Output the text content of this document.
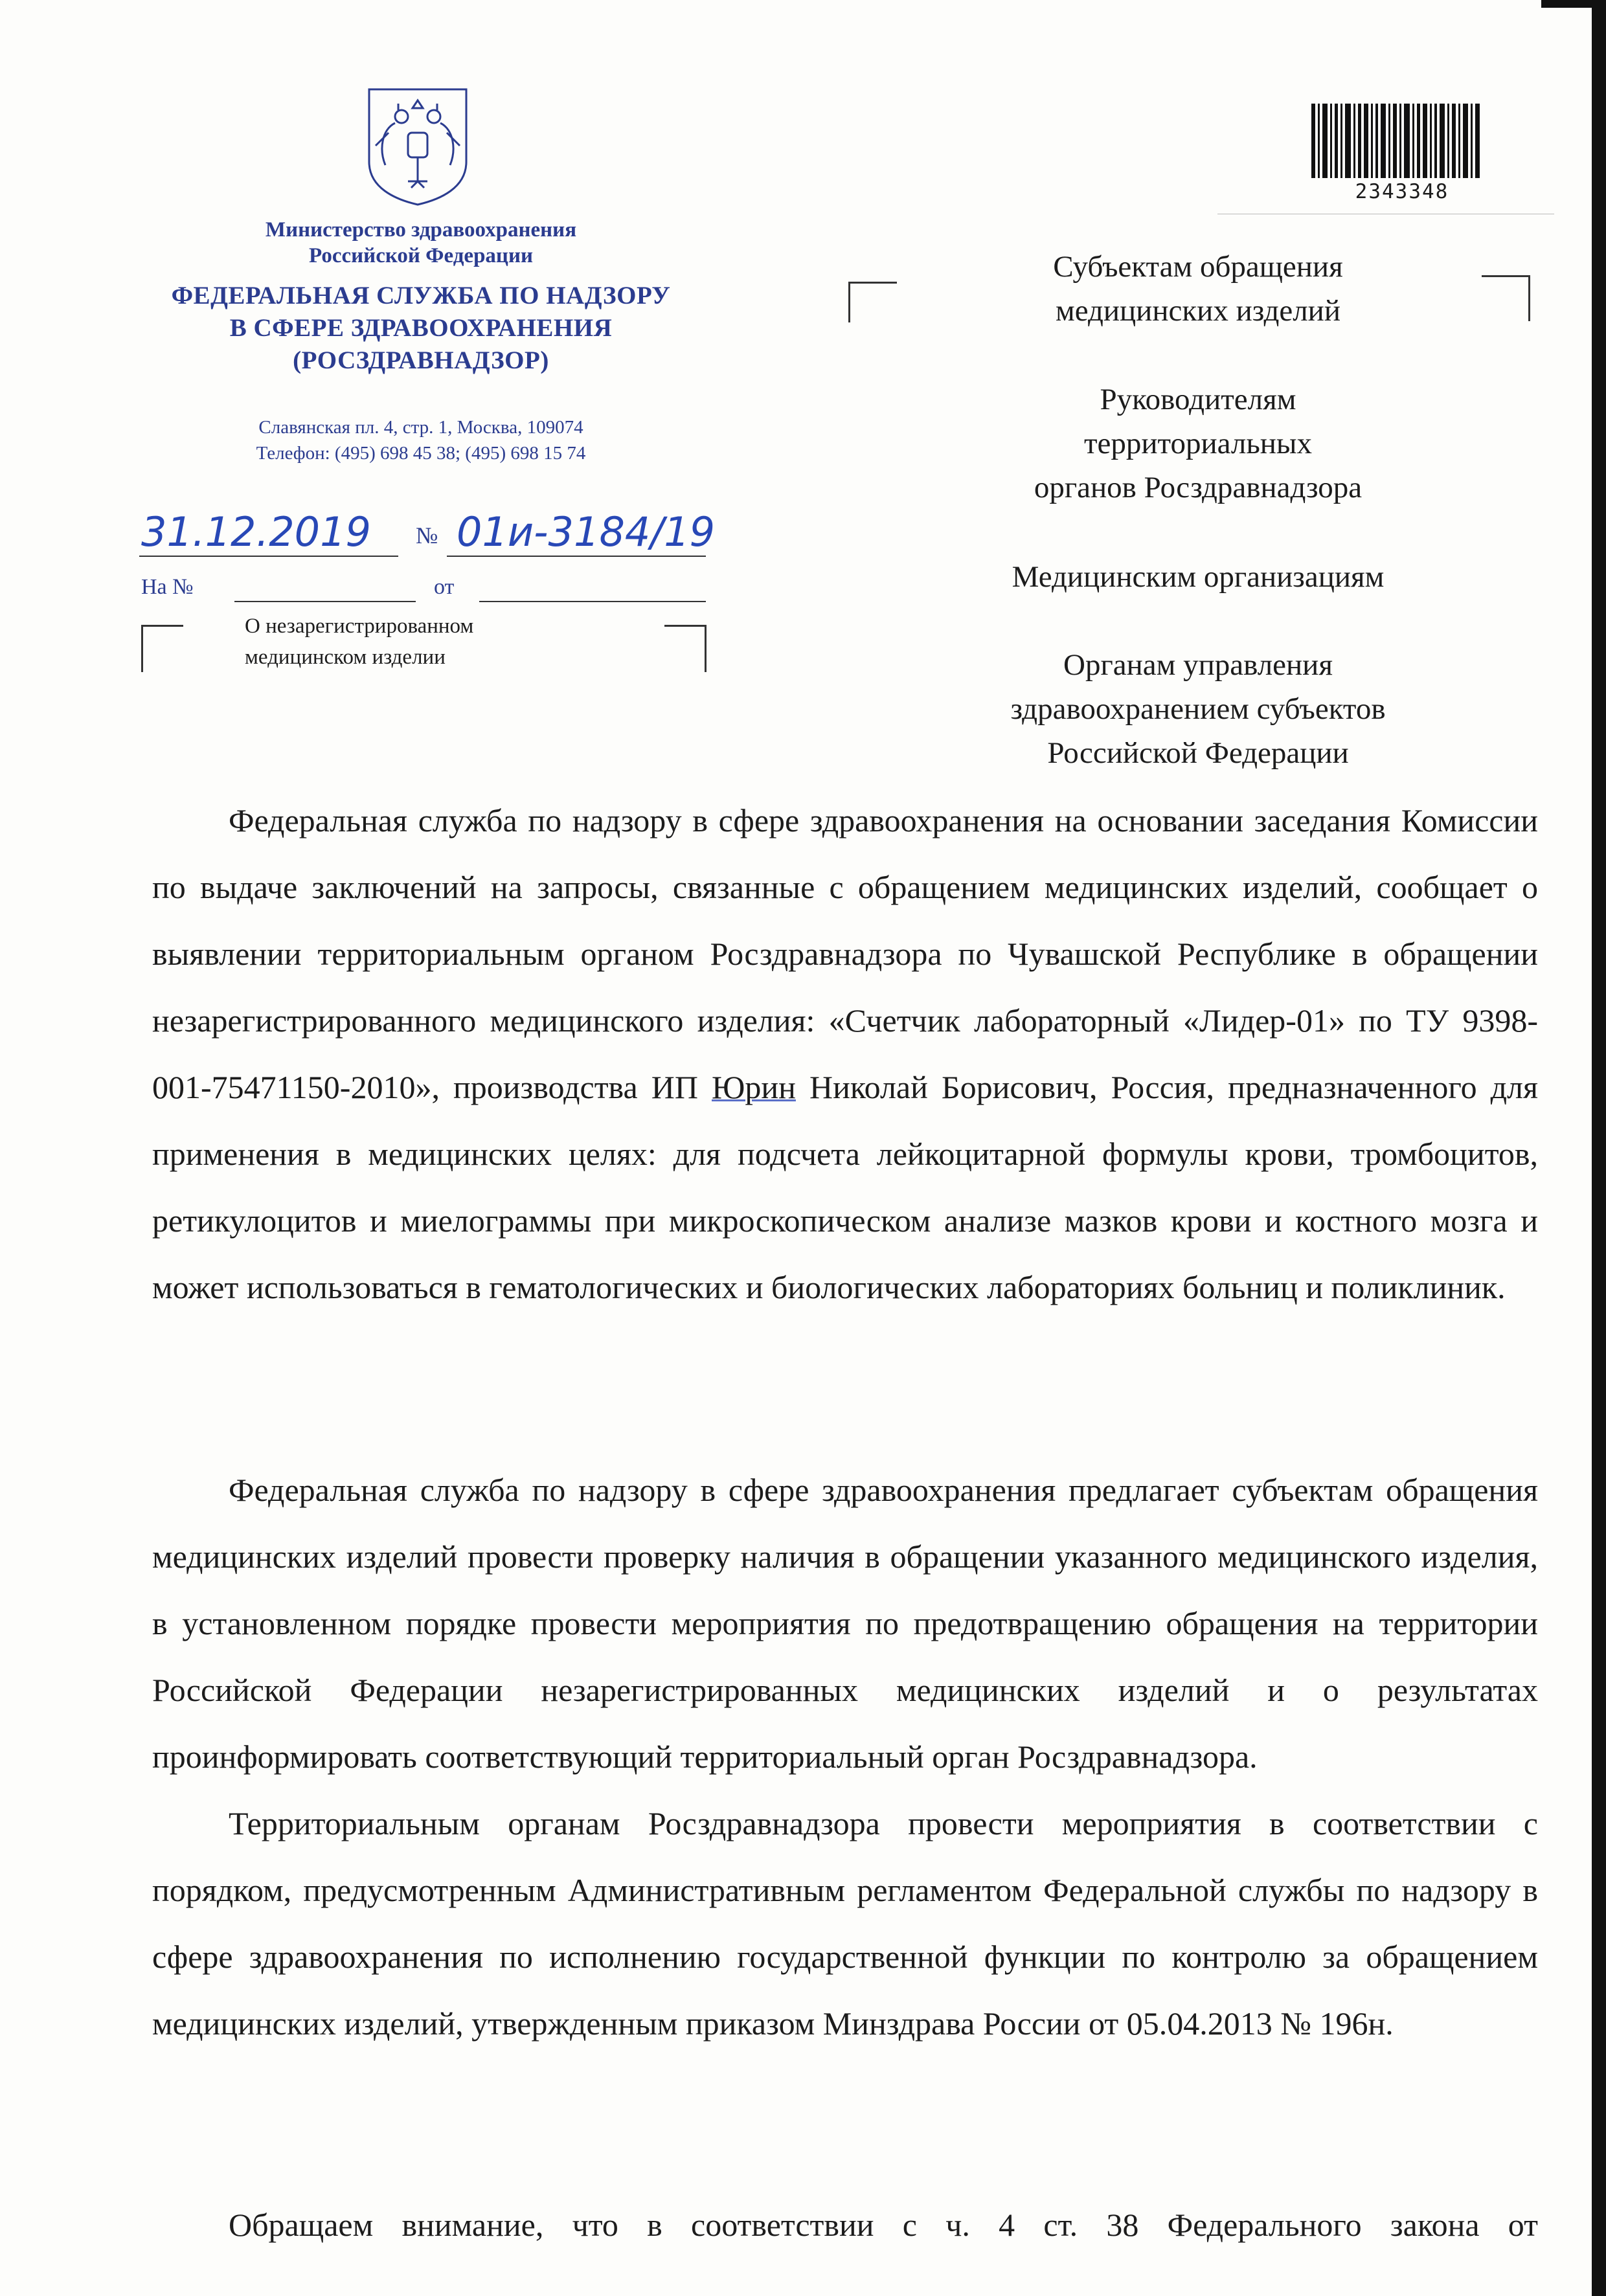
Министерство здравоохранения
Российской Федерации
ФЕДЕРАЛЬНАЯ СЛУЖБА ПО НАДЗОРУ
В СФЕРЕ ЗДРАВООХРАНЕНИЯ
(РОСЗДРАВНАДЗОР)
Славянская пл. 4, стр. 1, Москва, 109074
Телефон: (495) 698 45 38; (495) 698 15 74
31.12.2019 № 01и-3184/19
На №	от
О незарегистрированном
медицинском изделии
2343348
Субъектам обращения
медицинских изделий
Руководителям
территориальных
органов Росздравнадзора
Медицинским организациям
Органам управления
здравоохранением субъектов
Российской Федерации

Федеральная служба по надзору в сфере здравоохранения на основании заседания Комиссии по выдаче заключений на запросы, связанные с обращением медицинских изделий, сообщает о выявлении территориальным органом Росздравнадзора по Чувашской Республике в обращении незарегистрированного медицинского изделия: «Счетчик лабораторный «Лидер-01» по ТУ 9398-001-75471150-2010», производства ИП Юрин Николай Борисович, Россия, предназначенного для применения в медицинских целях: для подсчета лейкоцитарной формулы крови, тромбоцитов, ретикулоцитов и миелограммы при микроскопическом анализе мазков крови и костного мозга и может использоваться в гематологических и биологических лабораториях больниц и поликлиник.

Федеральная служба по надзору в сфере здравоохранения предлагает субъектам обращения медицинских изделий провести проверку наличия в обращении указанного медицинского изделия, в установленном порядке провести мероприятия по предотвращению обращения на территории Российской Федерации незарегистрированных медицинских изделий и о результатах проинформировать соответствующий территориальный орган Росздравнадзора.

Территориальным органам Росздравнадзора провести мероприятия в соответствии с порядком, предусмотренным Административным регламентом Федеральной службы по надзору в сфере здравоохранения по исполнению государственной функции по контролю за обращением медицинских изделий, утвержденным приказом Минздрава России от 05.04.2013 № 196н.

Обращаем внимание, что в соответствии с ч. 4 ст. 38 Федерального закона от
